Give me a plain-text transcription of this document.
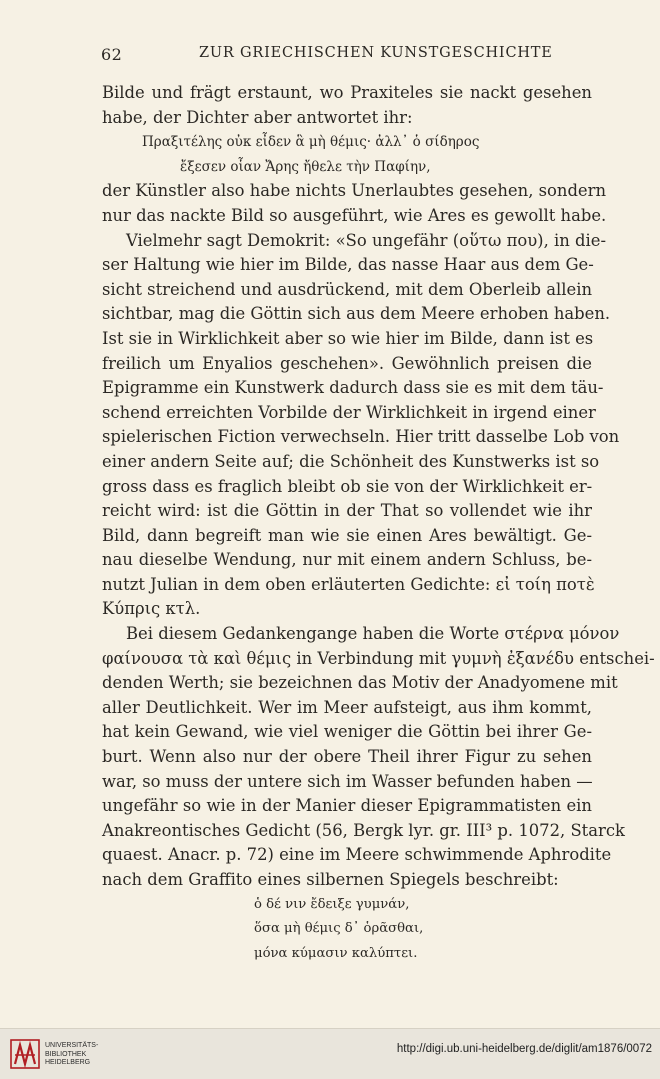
62	ZUR GRIECHISCHEN KUNSTGESCHICHTE
Bilde und frägt erstaunt, wo Praxiteles sie nackt gesehen
habe, der Dichter aber antwortet ihr:
Πραξιτέλης οὐκ εἶδεν ἃ μὴ θέμις· ἀλλ᾽ ὁ σίδηρος
ἔξεσεν οἷαν Ἄρης ἤθελε τὴν Παφίην,
der Künstler also habe nichts Unerlaubtes gesehen, sondern
nur das nackte Bild so ausgeführt, wie Ares es gewollt habe.
Vielmehr sagt Demokrit: «So ungefähr (οὕτω που), in die-
ser Haltung wie hier im Bilde, das nasse Haar aus dem Ge-
sicht streichend und ausdrückend, mit dem Oberleib allein
sichtbar, mag die Göttin sich aus dem Meere erhoben haben.
Ist sie in Wirklichkeit aber so wie hier im Bilde, dann ist es
freilich um Enyalios geschehen». Gewöhnlich preisen die
Epigramme ein Kunstwerk dadurch dass sie es mit dem täu-
schend erreichten Vorbilde der Wirklichkeit in irgend einer
spielerischen Fiction verwechseln. Hier tritt dasselbe Lob von
einer andern Seite auf; die Schönheit des Kunstwerks ist so
gross dass es fraglich bleibt ob sie von der Wirklichkeit er-
reicht wird: ist die Göttin in der That so vollendet wie ihr
Bild, dann begreift man wie sie einen Ares bewältigt. Ge-
nau dieselbe Wendung, nur mit einem andern Schluss, be-
nutzt Julian in dem oben erläuterten Gedichte: εἰ τοίη ποτὲ
Κύπρις κτλ.
Bei diesem Gedankengange haben die Worte στέρνα μόνον
φαίνουσα τὰ καὶ θέμις in Verbindung mit γυμνὴ ἐξανέδυ entschei-
denden Werth; sie bezeichnen das Motiv der Anadyomene mit
aller Deutlichkeit. Wer im Meer aufsteigt, aus ihm kommt,
hat kein Gewand, wie viel weniger die Göttin bei ihrer Ge-
burt. Wenn also nur der obere Theil ihrer Figur zu sehen
war, so muss der untere sich im Wasser befunden haben —
ungefähr so wie in der Manier dieser Epigrammatisten ein
Anakreontisches Gedicht (56, Bergk lyr. gr. III³ p. 1072, Starck
quaest. Anacr. p. 72) eine im Meere schwimmende Aphrodite
nach dem Graffito eines silbernen Spiegels beschreibt:
ὁ δέ νιν ἔδειξε γυμνάν,
ὅσα μὴ θέμις δ᾽ ὁρᾶσθαι,
μόνα κύμασιν καλύπτει.
UNIVERSITÄTS-
BIBLIOTHEK
HEIDELBERG
http://digi.ub.uni-heidelberg.de/diglit/am1876/0072
